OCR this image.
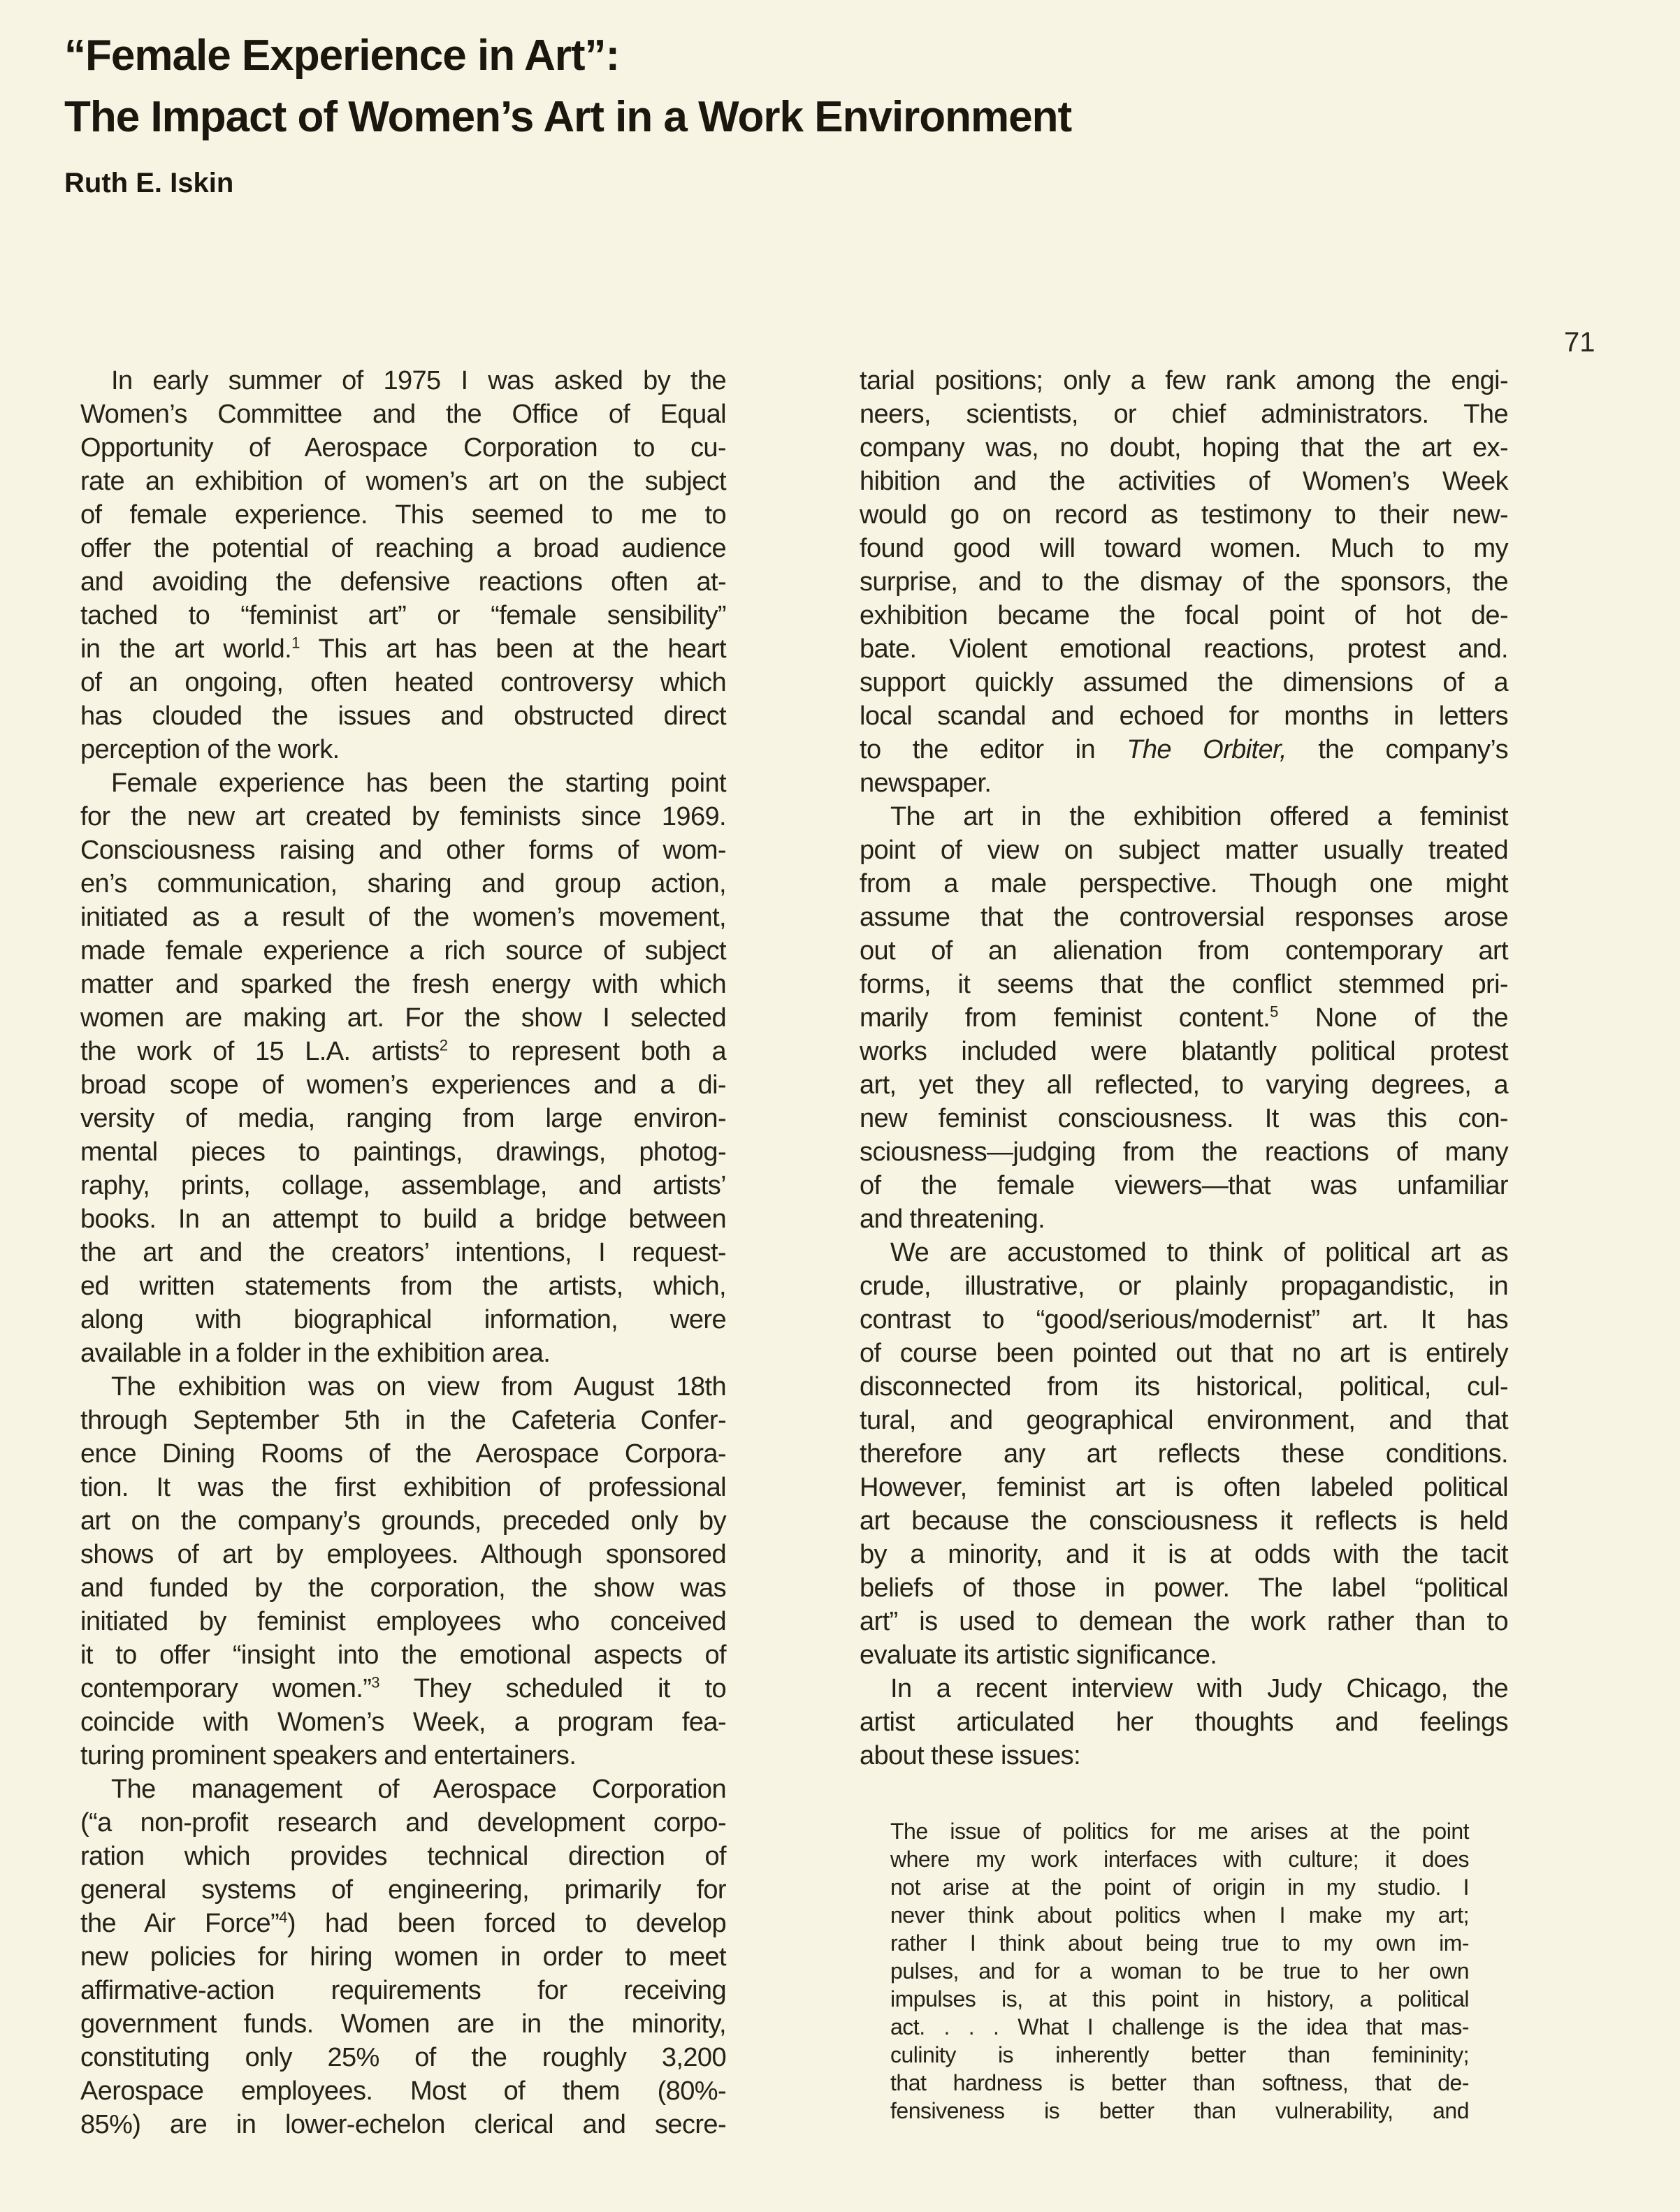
“Female Experience in Art”:
The Impact of Women’s Art in a Work Environment

Ruth E. Iskin

71
In early summer of 1975 I was asked by the
Women’s Committee and the Office of Equal
Opportunity of Aerospace Corporation to cu-
rate an exhibition of women’s art on the subject
of female experience. This seemed to me to
offer the potential of reaching a broad audience
and avoiding the defensive reactions often at-
tached to “feminist art” or “female sensibility”
in the art world.$^1$ This art has been at the heart
of an ongoing, often heated controversy which
has clouded the issues and obstructed direct
perception of the work.
Female experience has been the starting point
for the new art created by feminists since 1969.
Consciousness raising and other forms of wom-
en’s communication, sharing and group action,
initiated as a result of the women’s movement,
made female experience a rich source of subject
matter and sparked the fresh energy with which
women are making art. For the show I selected
the work of 15 L.A. artists$^2$ to represent both a
broad scope of women’s experiences and a di-
versity of media, ranging from large environ-
mental pieces to paintings, drawings, photog-
raphy, prints, collage, assemblage, and artists’
books. In an attempt to build a bridge between
the art and the creators’ intentions, I request-
ed written statements from the artists, which,
along with biographical information, were
available in a folder in the exhibition area.
The exhibition was on view from August 18th
through September 5th in the Cafeteria Confer-
ence Dining Rooms of the Aerospace Corpora-
tion. It was the first exhibition of professional
art on the company’s grounds, preceded only by
shows of art by employees. Although sponsored
and funded by the corporation, the show was
initiated by feminist employees who conceived
it to offer “insight into the emotional aspects of
contemporary women.”$^3$ They scheduled it to
coincide with Women’s Week, a program fea-
turing prominent speakers and entertainers.
The management of Aerospace Corporation
(“a non-profit research and development corpo-
ration which provides technical direction of
general systems of engineering, primarily for
the Air Force”$^4$) had been forced to develop
new policies for hiring women in order to meet
affirmative-action requirements for receiving
government funds. Women are in the minority,
constituting only 25% of the roughly 3,200
Aerospace employees. Most of them (80%-
85%) are in lower-echelon clerical and secre-
tarial positions; only a few rank among the engi-
neers, scientists, or chief administrators. The
company was, no doubt, hoping that the art ex-
hibition and the activities of Women’s Week
would go on record as testimony to their new-
found good will toward women. Much to my
surprise, and to the dismay of the sponsors, the
exhibition became the focal point of hot de-
bate. Violent emotional reactions, protest and.
support quickly assumed the dimensions of a
local scandal and echoed for months in letters
to the editor in The Orbiter, the company’s
newspaper.
The art in the exhibition offered a feminist
point of view on subject matter usually treated
from a male perspective. Though one might
assume that the controversial responses arose
out of an alienation from contemporary art
forms, it seems that the conflict stemmed pri-
marily from feminist content.$^5$ None of the
works included were blatantly political protest
art, yet they all reflected, to varying degrees, a
new feminist consciousness. It was this con-
sciousness—judging from the reactions of many
of the female viewers—that was unfamiliar
and threatening.
We are accustomed to think of political art as
crude, illustrative, or plainly propagandistic, in
contrast to “good/serious/modernist” art. It has
of course been pointed out that no art is entirely
disconnected from its historical, political, cul-
tural, and geographical environment, and that
therefore any art reflects these conditions.
However, feminist art is often labeled political
art because the consciousness it reflects is held
by a minority, and it is at odds with the tacit
beliefs of those in power. The label “political
art” is used to demean the work rather than to
evaluate its artistic significance.
In a recent interview with Judy Chicago, the
artist articulated her thoughts and feelings
about these issues:
The issue of politics for me arises at the point
where my work interfaces with culture; it does
not arise at the point of origin in my studio. I
never think about politics when I make my art;
rather I think about being true to my own im-
pulses, and for a woman to be true to her own
impulses is, at this point in history, a political
act. . . . What I challenge is the idea that mas-
culinity is inherently better than femininity;
that hardness is better than softness, that de-
fensiveness is better than vulnerability, and
